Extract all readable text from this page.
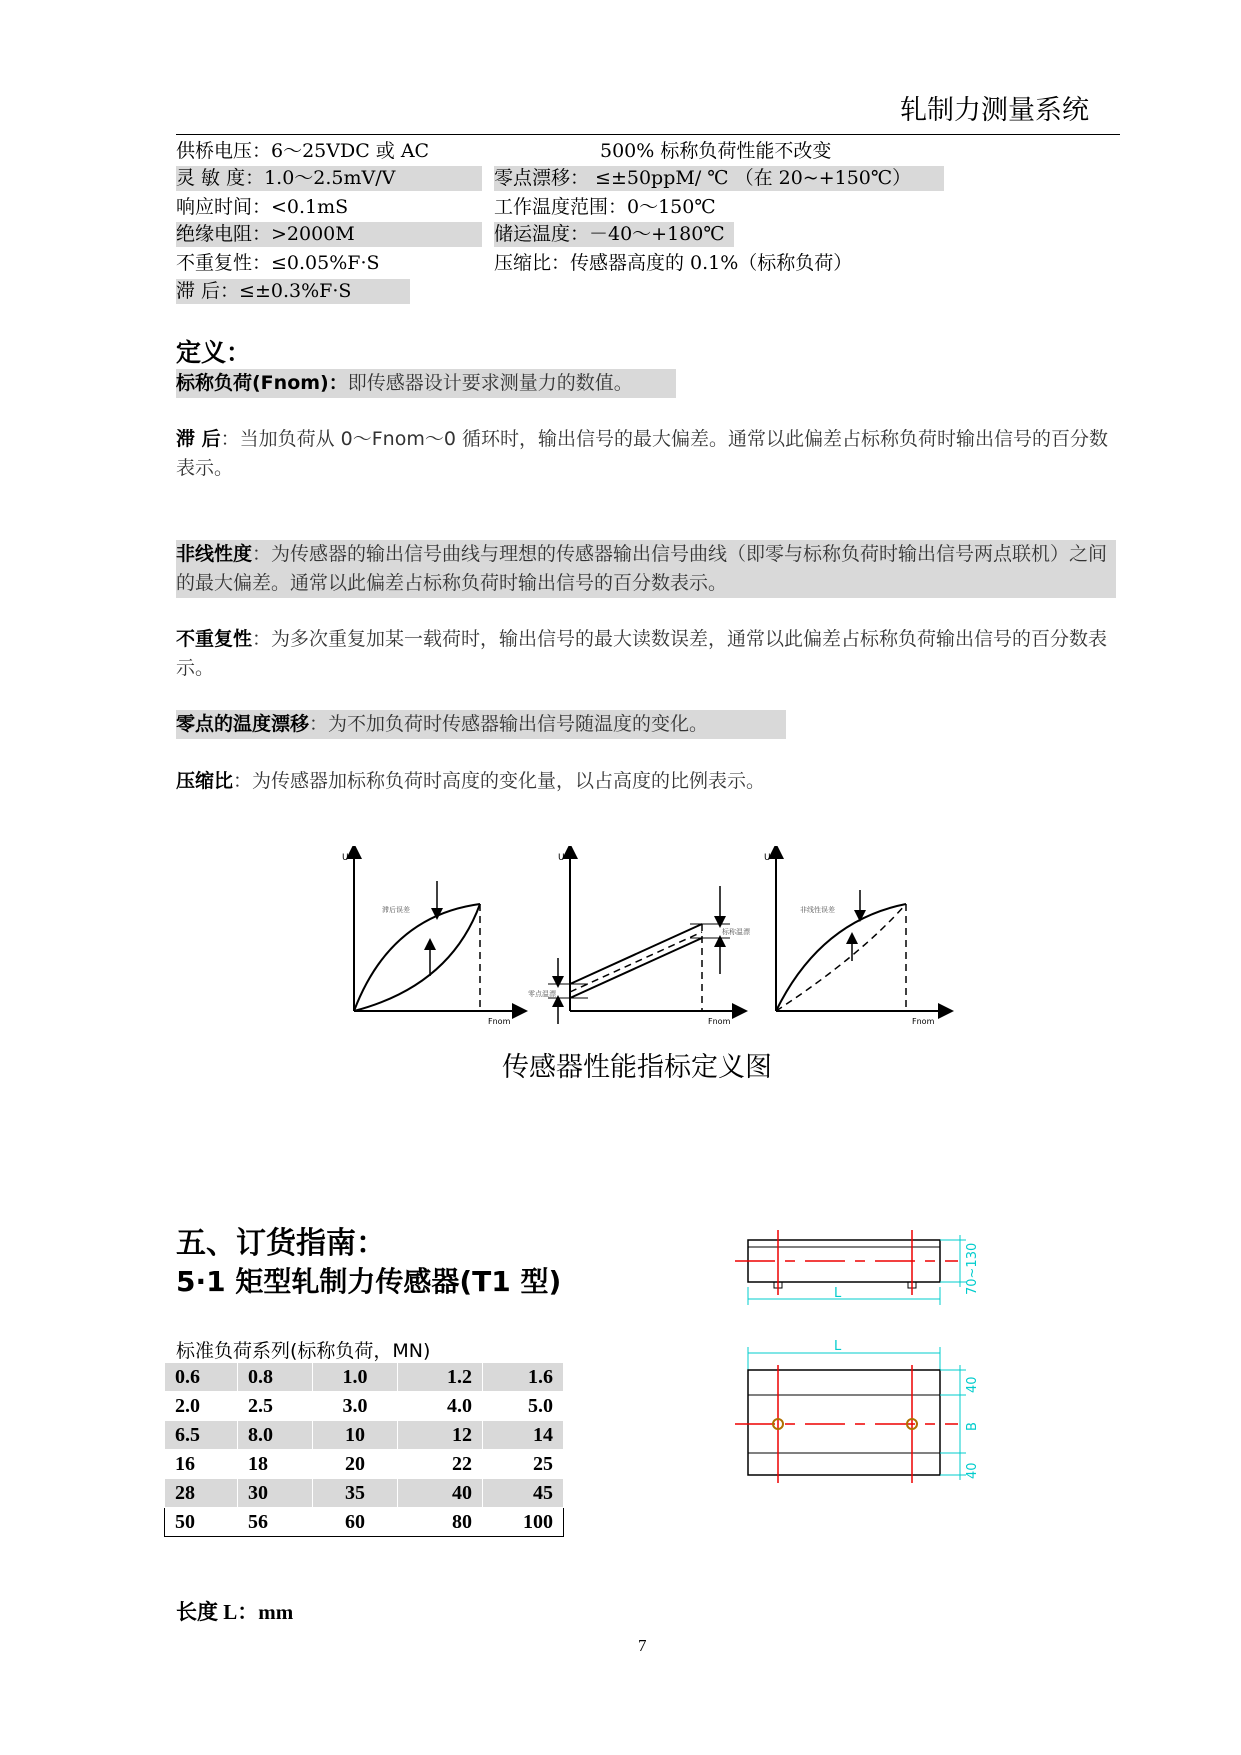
轧制力测量系统
供桥电压：6～25VDC 或 AC	500% 标称负荷性能不改变
灵 敏 度：1.0～2.5mV/V	零点漂移： ≤±50ppM/ ℃ （在 20~+150℃）
响应时间：<0.1mS	工作温度范围：0～150℃
绝缘电阻：>2000M	储运温度：－40～+180℃
不重复性：≤0.05%F·S	压缩比：传感器高度的 0.1%（标称负荷）
滞 后：≤±0.3%F·S
定义：
标称负荷(Fnom)：即传感器设计要求测量力的数值。
滞 后：当加负荷从 0～Fnom～0 循环时，输出信号的最大偏差。通常以此偏差占标称负荷时输出信号的百分数表示。
非线性度：为传感器的输出信号曲线与理想的传感器输出信号曲线（即零与标称负荷时输出信号两点联机）之间的最大偏差。通常以此偏差占标称负荷时输出信号的百分数表示。
不重复性：为多次重复加某一载荷时，输出信号的最大读数误差，通常以此偏差占标称负荷输出信号的百分数表示。
零点的温度漂移：为不加负荷时传感器输出信号随温度的变化。
压缩比：为传感器加标称负荷时高度的变化量，以占高度的比例表示。
U
Fnom
滞后误差
U
Fnom
零点温漂
标称温漂
U
Fnom
非线性误差
传感器性能指标定义图
五、订货指南：
5·1 矩型轧制力传感器(T1 型)
标准负荷系列(标称负荷，MN)
0.6	0.8	1.0	1.2	1.6
2.0	2.5	3.0	4.0	5.0
6.5	8.0	10	12	14
16	18	20	22	25
28	30	35	40	45
50	56	60	80	100
L	70~130
L
40
B
40
长度 L：mm
7
